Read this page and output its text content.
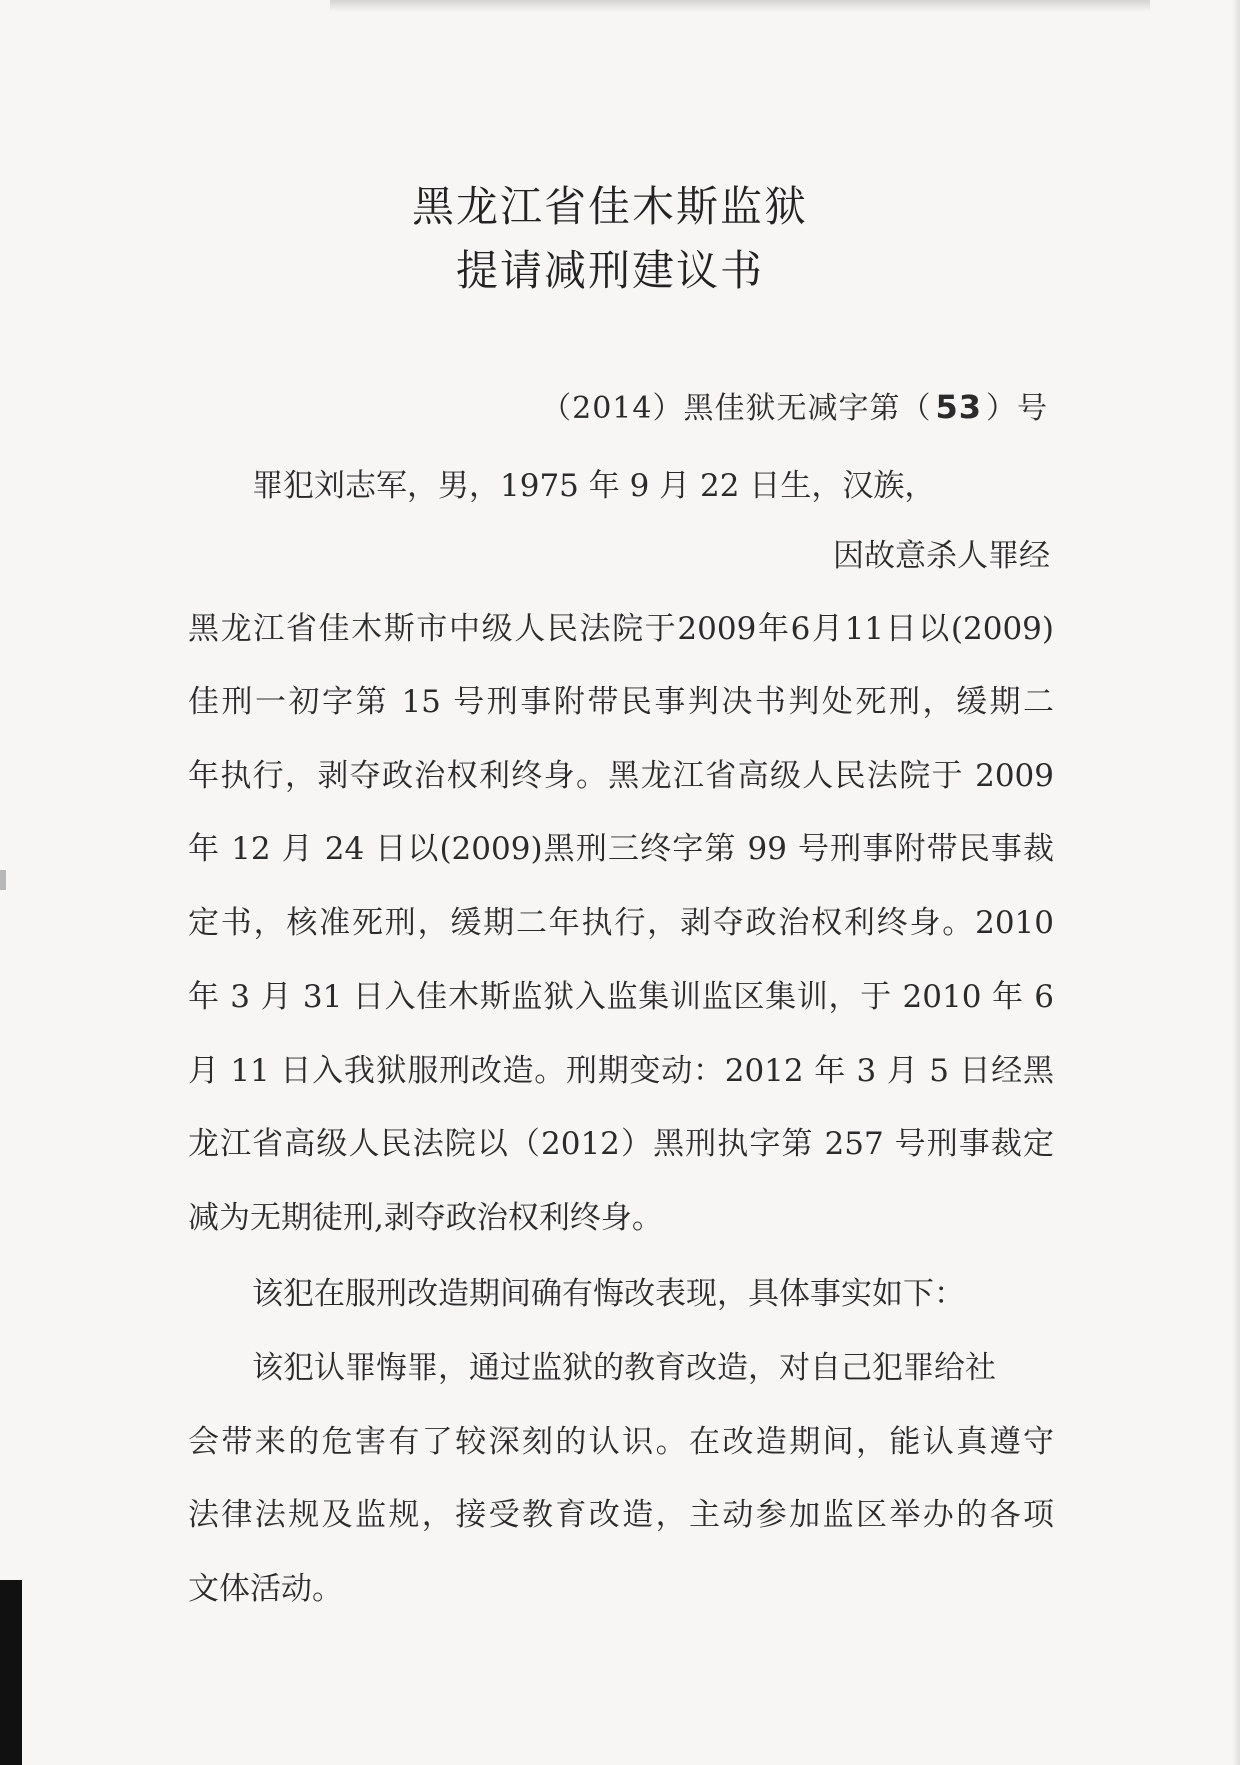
黑龙江省佳木斯监狱
提请减刑建议书
（2014）黑佳狱无减字第（ 53 ）号
罪犯刘志军，男，1975 年 9 月 22 日生，汉族，
因故意杀人罪经
黑龙江省佳木斯市中级人民法院于2009年6月11日以(2009)
佳刑一初字第 15 号刑事附带民事判决书判处死刑，缓期二
年执行，剥夺政治权利终身。黑龙江省高级人民法院于 2009
年 12 月 24 日以(2009)黑刑三终字第 99 号刑事附带民事裁
定书，核准死刑，缓期二年执行，剥夺政治权利终身。2010
年 3 月 31 日入佳木斯监狱入监集训监区集训，于 2010 年 6
月 11 日入我狱服刑改造。刑期变动：2012 年 3 月 5 日经黑
龙江省高级人民法院以（2012）黑刑执字第 257 号刑事裁定
减为无期徒刑,剥夺政治权利终身。
该犯在服刑改造期间确有悔改表现，具体事实如下：
该犯认罪悔罪，通过监狱的教育改造，对自己犯罪给社
会带来的危害有了较深刻的认识。在改造期间，能认真遵守
法律法规及监规，接受教育改造，主动参加监区举办的各项
文体活动。
